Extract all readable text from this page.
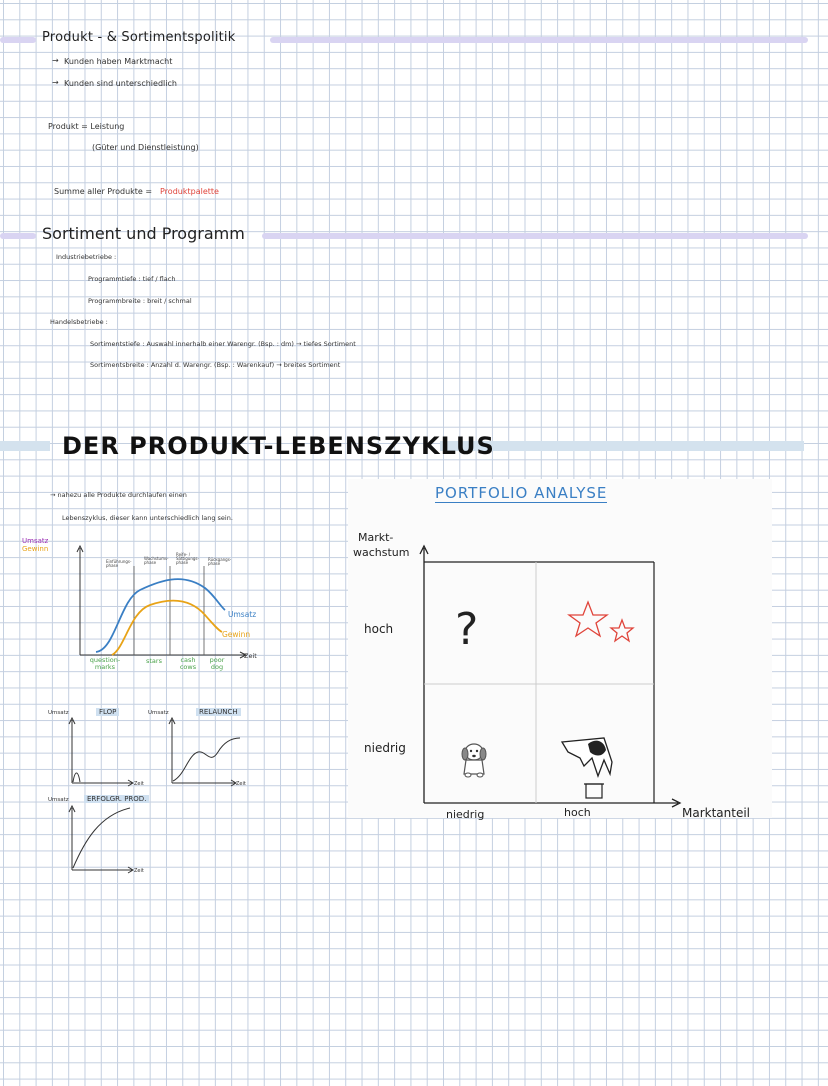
Produkt - & Sortimentspolitik
→ Kunden haben Marktmacht
→ Kunden sind unterschiedlich
Produkt = Leistung
(Güter und Dienstleistung)
Summe aller Produkte = Produktpalette
Sortiment und Programm
Industriebetriebe :
Programmtiefe : tief / flach
Programmbreite : breit / schmal
Handelsbetriebe :
Sortimentstiefe : Auswahl innerhalb einer Warengr. (Bsp. : dm) → tiefes Sortiment
Sortimentsbreite : Anzahl d. Warengr. (Bsp. : Warenkauf) → breites Sortiment
DER PRODUKT-LEBENSZYKLUS
→ nahezu alle Produkte durchlaufen einen
Lebenszyklus, dieser kann unterschiedlich lang sein.
Umsatz
Gewinn
Einführungs-phase
Wachstums-phase
Reife- / Sättigungs-phase
Rückgangs-phase
Umsatz
Gewinn
Zeit
question-marks
stars	cash cows
poor dog
Umsatz	FLOP
Zeit
Umsatz	RELAUNCH
Zeit
Umsatz	ERFOLGR. PROD.
Zeit
PORTFOLIO ANALYSE
Markt-
wachstum
hoch
niedrig
niedrig	hoch	Marktanteil
?
